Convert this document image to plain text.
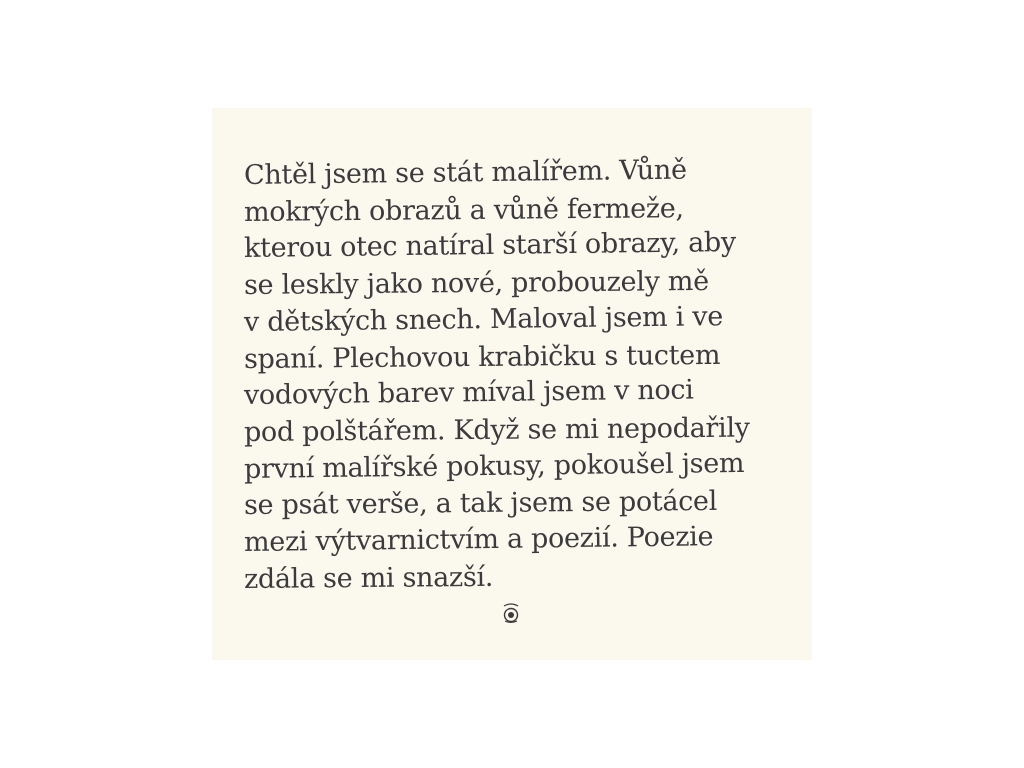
Chtěl jsem se stát malířem. Vůně
mokrých obrazů a vůně fermeže,
kterou otec natíral starší obrazy, aby
se leskly jako nové, probouzely mě
v dětských snech. Maloval jsem i ve
spaní. Plechovou krabičku s tuctem
vodových barev míval jsem v noci
pod polštářem. Když se mi nepodařily
první malířské pokusy, pokoušel jsem
se psát verše, a tak jsem se potácel
mezi výtvarnictvím a poezií. Poezie
zdála se mi snazší.
